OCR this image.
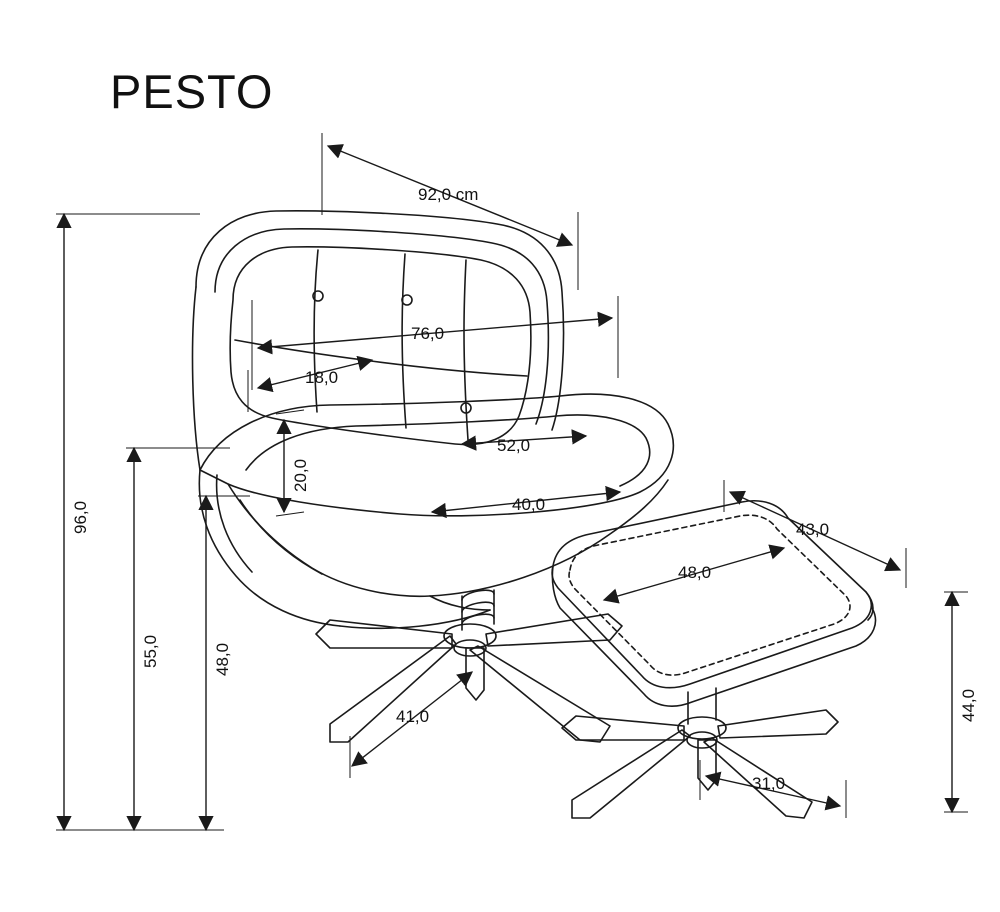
PESTO
92,0 cm
76,0
18,0
52,0
40,0
20,0
96,0
55,0	48,0
41,0
43,0
48,0
44,0
31,0
